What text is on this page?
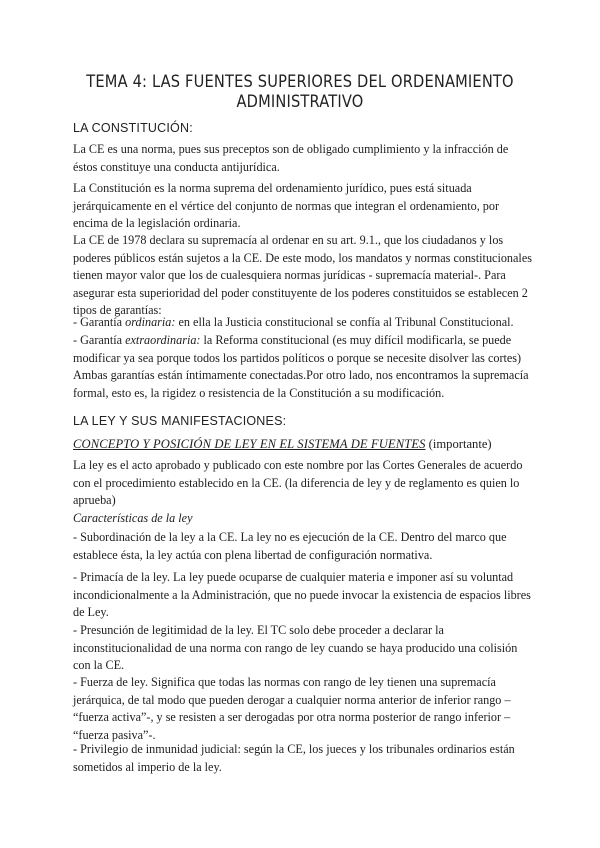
TEMA 4: LAS FUENTES SUPERIORES DEL ORDENAMIENTO ADMINISTRATIVO
LA CONSTITUCIÓN:

La CE es una norma, pues sus preceptos son de obligado cumplimiento y la infracción de éstos constituye una conducta antijurídica.

La Constitución es la norma suprema del ordenamiento jurídico, pues está situada jerárquicamente en el vértice del conjunto de normas que integran el ordenamiento, por encima de la legislación ordinaria.

La CE de 1978 declara su supremacía al ordenar en su art. 9.1., que los ciudadanos y los poderes públicos están sujetos a la CE. De este modo, los mandatos y normas constitucionales tienen mayor valor que los de cualesquiera normas jurídicas - supremacía material-. Para asegurar esta superioridad del poder constituyente de los poderes constituidos se establecen 2 tipos de garantías:

- Garantía ordinaria: en ella la Justicia constitucional se confía al Tribunal Constitucional.

- Garantía extraordinaria: la Reforma constitucional (es muy difícil modificarla, se puede modificar ya sea porque todos los partidos políticos o porque se necesite disolver las cortes)

Ambas garantías están íntimamente conectadas.Por otro lado, nos encontramos la supremacía formal, esto es, la rigidez o resistencia de la Constitución a su modificación.

LA LEY Y SUS MANIFESTACIONES:
CONCEPTO Y POSICIÓN DE LEY EN EL SISTEMA DE FUENTES (importante)

La ley es el acto aprobado y publicado con este nombre por las Cortes Generales de acuerdo con el procedimiento establecido en la CE. (la diferencia de ley y de reglamento es quien lo aprueba)

Características de la ley

- Subordinación de la ley a la CE. La ley no es ejecución de la CE. Dentro del marco que establece ésta, la ley actúa con plena libertad de configuración normativa.

- Primacía de la ley. La ley puede ocuparse de cualquier materia e imponer así su voluntad incondicionalmente a la Administración, que no puede invocar la existencia de espacios libres de Ley.

- Presunción de legitimidad de la ley. El TC solo debe proceder a declarar la inconstitucionalidad de una norma con rango de ley cuando se haya producido una colisión con la CE.

- Fuerza de ley. Significa que todas las normas con rango de ley tienen una supremacía jerárquica, de tal modo que pueden derogar a cualquier norma anterior de inferior rango – “fuerza activa”-, y se resisten a ser derogadas por otra norma posterior de rango inferior – “fuerza pasiva”-.

- Privilegio de inmunidad judicial: según la CE, los jueces y los tribunales ordinarios están sometidos al imperio de la ley.
